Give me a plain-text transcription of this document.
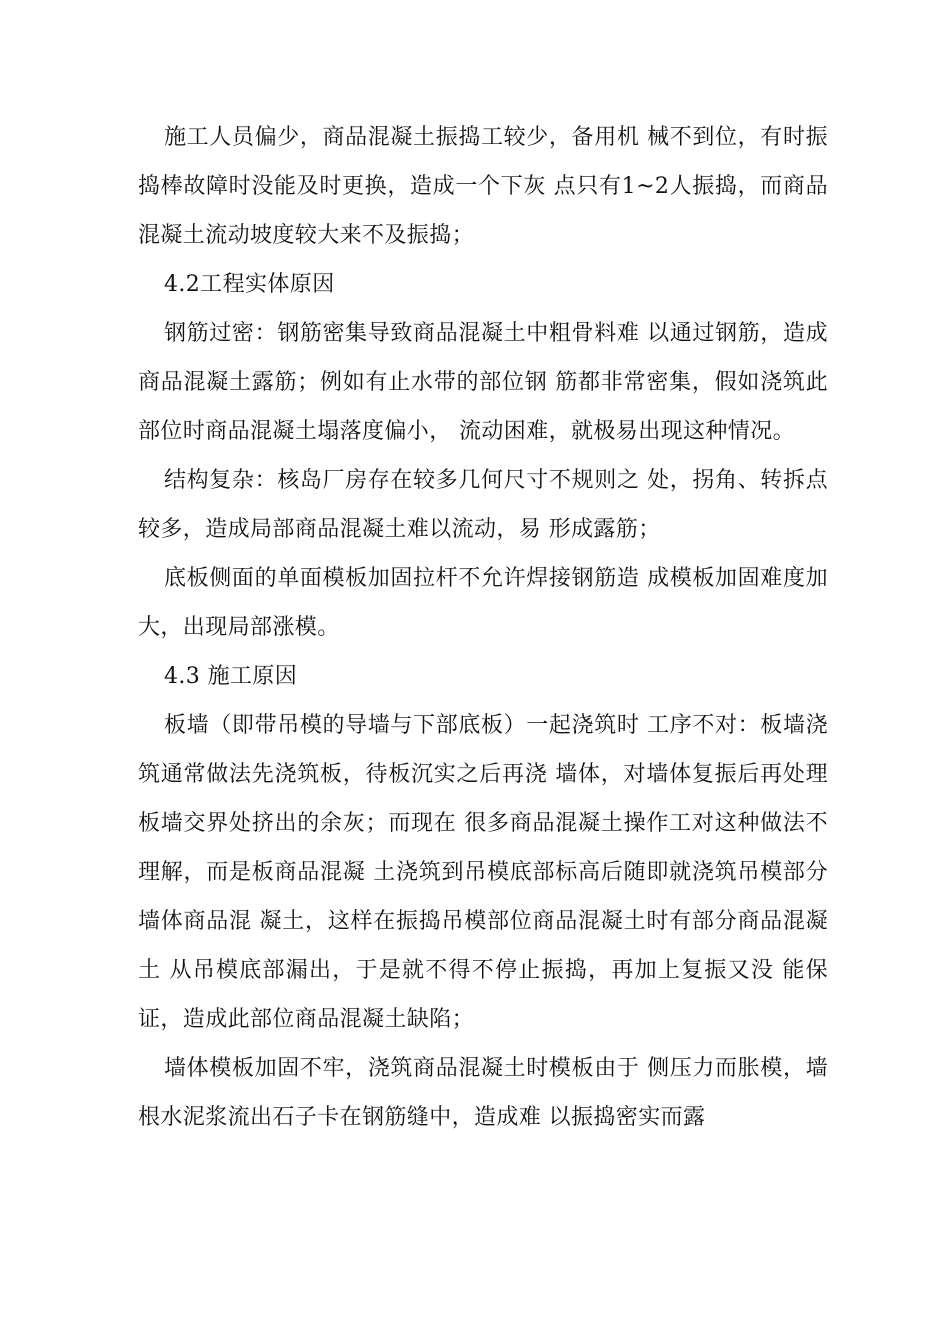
施工人员偏少，商品混凝土振捣工较少，备用机 械不到位，有时振捣棒故障时没能及时更换，造成一个下灰 点只有1~2人振捣，而商品混凝土流动坡度较大来不及振捣；

4.2工程实体原因

钢筋过密：钢筋密集导致商品混凝土中粗骨料难 以通过钢筋，造成商品混凝土露筋；例如有止水带的部位钢 筋都非常密集，假如浇筑此部位时商品混凝土塌落度偏小， 流动困难，就极易出现这种情况。

结构复杂：核岛厂房存在较多几何尺寸不规则之 处，拐角、转拆点较多，造成局部商品混凝土难以流动，易 形成露筋；

底板侧面的单面模板加固拉杆不允许焊接钢筋造 成模板加固难度加大，出现局部涨模。

4.3 施工原因

板墙（即带吊模的导墙与下部底板）一起浇筑时 工序不对：板墙浇筑通常做法先浇筑板，待板沉实之后再浇 墙体，对墙体复振后再处理板墙交界处挤出的余灰；而现在 很多商品混凝土操作工对这种做法不理解，而是板商品混凝 土浇筑到吊模底部标高后随即就浇筑吊模部分墙体商品混 凝土，这样在振捣吊模部位商品混凝土时有部分商品混凝土 从吊模底部漏出，于是就不得不停止振捣，再加上复振又没 能保证，造成此部位商品混凝土缺陷；

墙体模板加固不牢，浇筑商品混凝土时模板由于 侧压力而胀模，墙根水泥浆流出石子卡在钢筋缝中，造成难 以振捣密实而露
